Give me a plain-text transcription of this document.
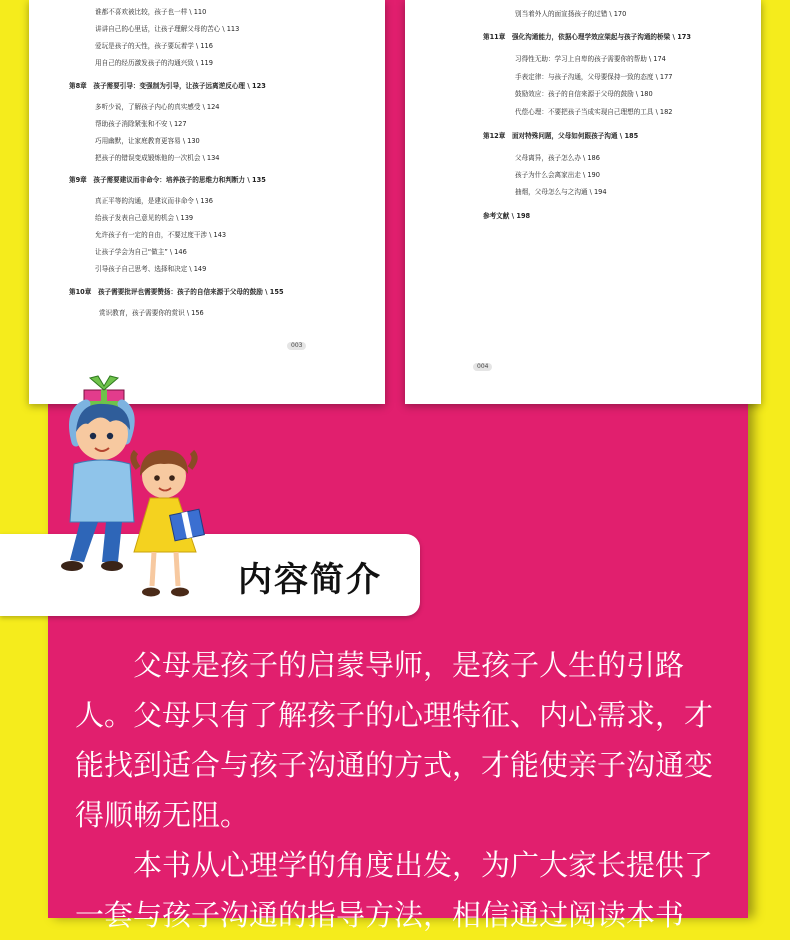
谁都不喜欢被比较，孩子也一样 \ 110
讲讲自己的心里话，让孩子理解父母的苦心 \ 113
爱玩是孩子的天性，孩子要玩着学 \ 116
用自己的经历激发孩子的沟通兴致 \ 119
第8章　孩子需要引导：变强制为引导，让孩子远离逆反心理 \ 123
多听少说，了解孩子内心的真实感受 \ 124
帮助孩子消除紧张和不安 \ 127
巧用幽默，让家庭教育更容易 \ 130
把孩子的错误变成锻炼他的一次机会 \ 134
第9章　孩子需要建议而非命令：培养孩子的思维力和判断力 \ 135
真正平等的沟通，是建议而非命令 \ 136
给孩子发表自己意见的机会 \ 139
允许孩子有一定的自由，不要过度干涉 \ 143
让孩子学会为自己“做主” \ 146
引导孩子自己思考、选择和决定 \ 149
第10章　孩子需要批评也需要赞扬：孩子的自信来源于父母的鼓励 \ 155
赏识教育，孩子需要你的赏识 \ 156
003
别当着外人的面宣扬孩子的过错 \ 170
第11章　强化沟通能力，依据心理学效应架起与孩子沟通的桥梁 \ 173
习得性无助：学习上自卑的孩子需要你的帮助 \ 174
手表定律：与孩子沟通，父母要保持一致的态度 \ 177
鼓励效应：孩子的自信来源于父母的鼓励 \ 180
代偿心理：不要把孩子当成实现自己理想的工具 \ 182
第12章　面对特殊问题，父母如何跟孩子沟通 \ 185
父母离异，孩子怎么办 \ 186
孩子为什么会离家出走 \ 190
抽烟，父母怎么与之沟通 \ 194
参考文献 \ 198
004
内容简介

父母是孩子的启蒙导师，是孩子人生的引路人。父母只有了解孩子的心理特征、内心需求，才能找到适合与孩子沟通的方式，才能使亲子沟通变得顺畅无阻。

本书从心理学的角度出发，为广大家长提供了一套与孩子沟通的指导方法，相信通过阅读本书
